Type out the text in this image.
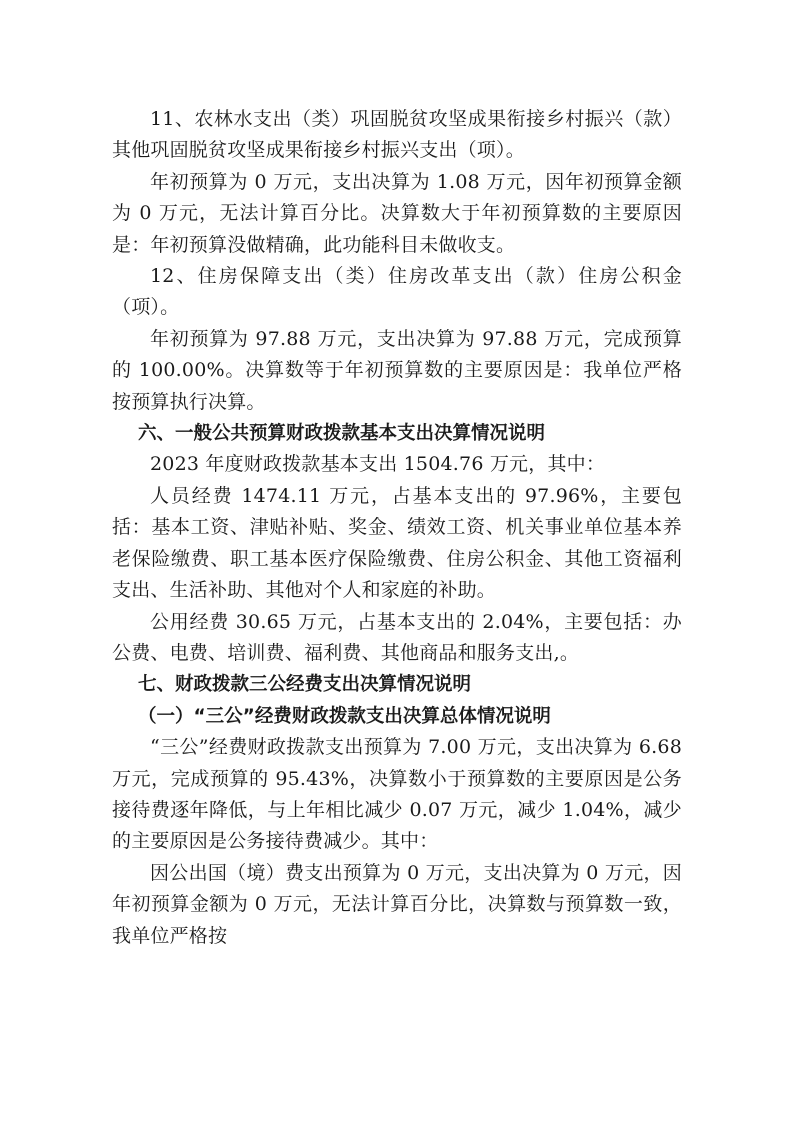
11、农林水支出（类）巩固脱贫攻坚成果衔接乡村振兴（款）其他巩固脱贫攻坚成果衔接乡村振兴支出（项）。

年初预算为 0 万元，支出决算为 1.08 万元，因年初预算金额为 0 万元，无法计算百分比。决算数大于年初预算数的主要原因是：年初预算没做精确，此功能科目未做收支。

12、住房保障支出（类）住房改革支出（款）住房公积金（项）。

年初预算为 97.88 万元，支出决算为 97.88 万元，完成预算的 100.00%。决算数等于年初预算数的主要原因是：我单位严格按预算执行决算。

六、一般公共预算财政拨款基本支出决算情况说明

2023 年度财政拨款基本支出 1504.76 万元，其中：

人员经费 1474.11 万元，占基本支出的 97.96%，主要包括：基本工资、津贴补贴、奖金、绩效工资、机关事业单位基本养老保险缴费、职工基本医疗保险缴费、住房公积金、其他工资福利支出、生活补助、其他对个人和家庭的补助。

公用经费 30.65 万元，占基本支出的 2.04%，主要包括：办公费、电费、培训费、福利费、其他商品和服务支出,。

七、财政拨款三公经费支出决算情况说明

（一）“三公”经费财政拨款支出决算总体情况说明

“三公”经费财政拨款支出预算为 7.00 万元，支出决算为 6.68 万元，完成预算的 95.43%，决算数小于预算数的主要原因是公务接待费逐年降低，与上年相比减少 0.07 万元，减少 1.04%，减少的主要原因是公务接待费减少。其中：

因公出国（境）费支出预算为 0 万元，支出决算为 0 万元，因年初预算金额为 0 万元，无法计算百分比，决算数与预算数一致，我单位严格按
